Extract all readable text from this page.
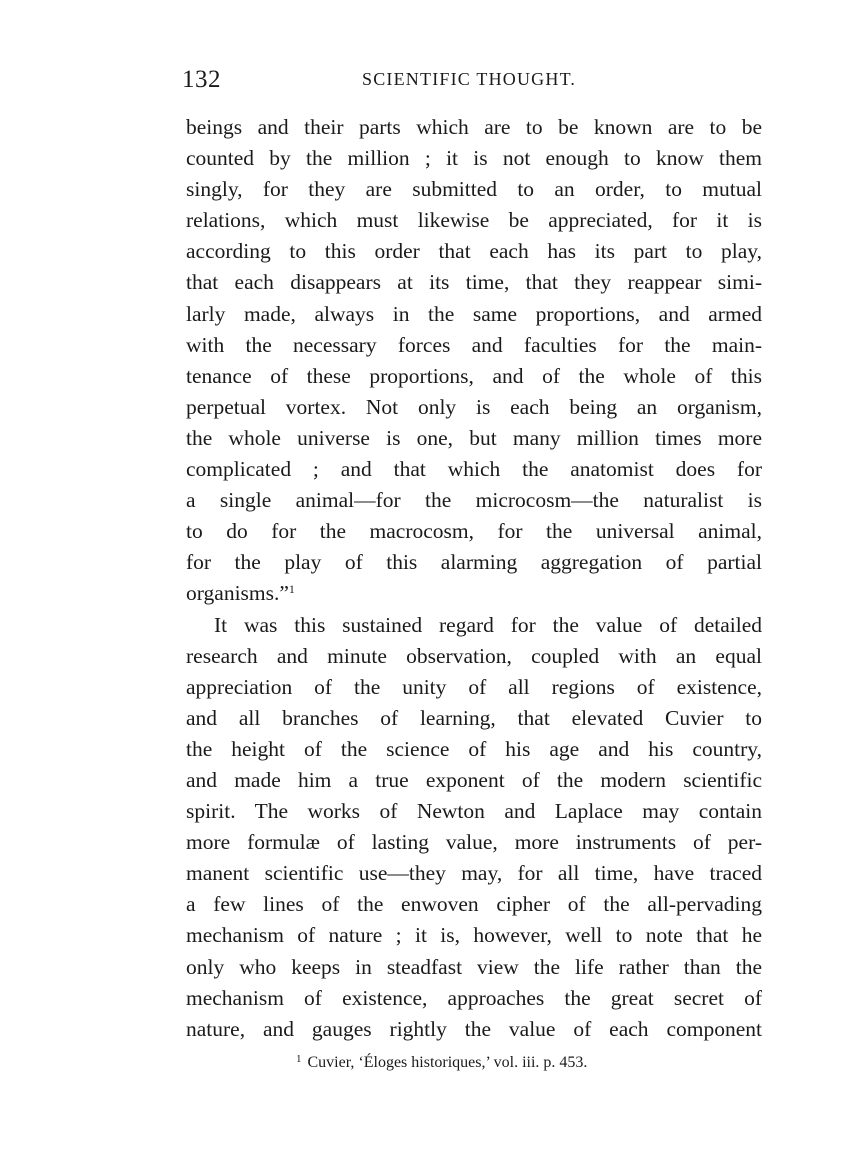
132	SCIENTIFIC THOUGHT.
beings and their parts which are to be known are to be
counted by the million ; it is not enough to know them
singly, for they are submitted to an order, to mutual
relations, which must likewise be appreciated, for it is
according to this order that each has its part to play,
that each disappears at its time, that they reappear simi-
larly made, always in the same proportions, and armed
with the necessary forces and faculties for the main-
tenance of these proportions, and of the whole of this
perpetual vortex. Not only is each being an organism,
the whole universe is one, but many million times more
complicated ; and that which the anatomist does for
a single animal—for the microcosm—the naturalist is
to do for the macrocosm, for the universal animal,
for the play of this alarming aggregation of partial
organisms.”$^1$
It was this sustained regard for the value of detailed
research and minute observation, coupled with an equal
appreciation of the unity of all regions of existence,
and all branches of learning, that elevated Cuvier to
the height of the science of his age and his country,
and made him a true exponent of the modern scientific
spirit. The works of Newton and Laplace may contain
more formulæ of lasting value, more instruments of per-
manent scientific use—they may, for all time, have traced
a few lines of the enwoven cipher of the all-pervading
mechanism of nature ; it is, however, well to note that he
only who keeps in steadfast view the life rather than the
mechanism of existence, approaches the great secret of
nature, and gauges rightly the value of each component
$^1$ Cuvier, ‘Éloges historiques,’ vol. iii. p. 453.
